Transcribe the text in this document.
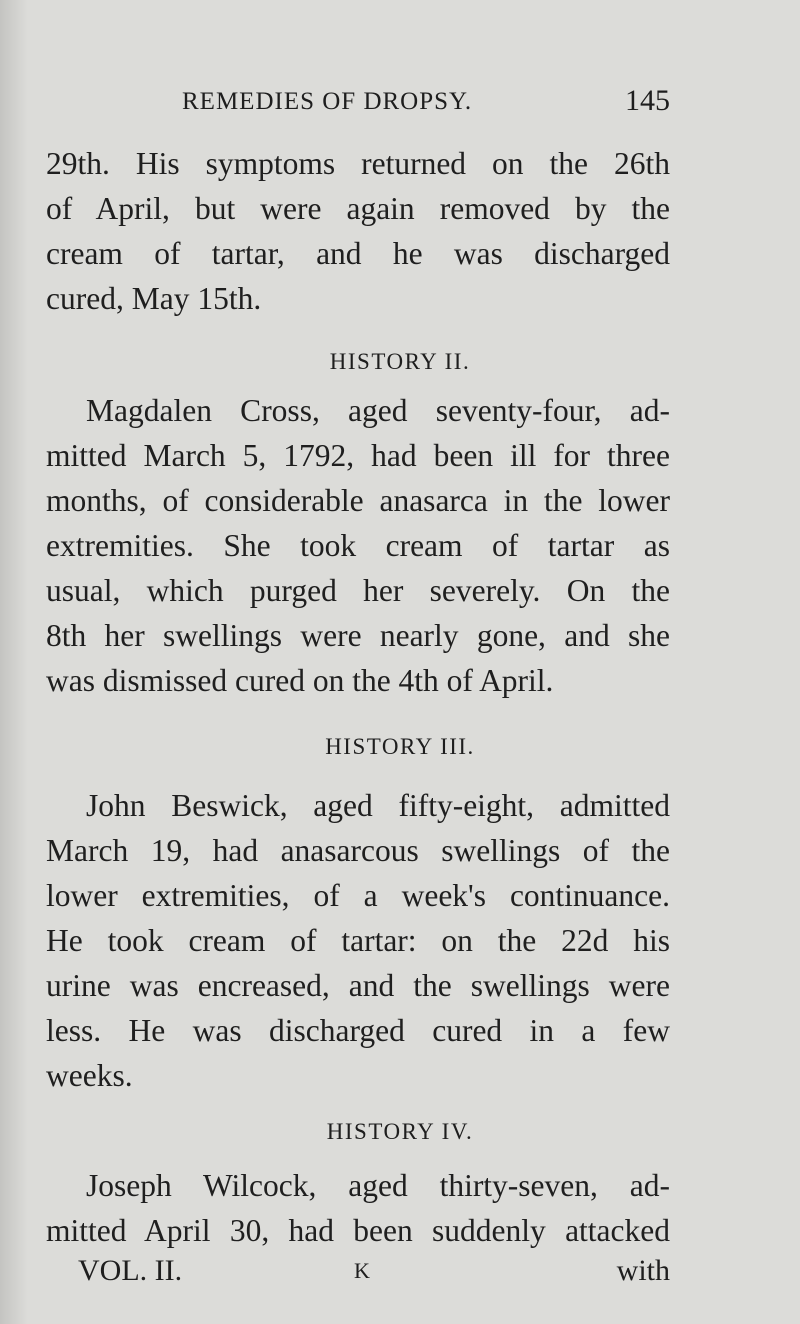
REMEDIES OF DROPSY.	145
29th. His symptoms returned on the 26th
of April, but were again removed by the
cream of tartar, and he was discharged
cured, May 15th.
HISTORY II.
Magdalen Cross, aged seventy-four, ad-
mitted March 5, 1792, had been ill for three
months, of considerable anasarca in the lower
extremities. She took cream of tartar as
usual, which purged her severely. On the
8th her swellings were nearly gone, and she
was dismissed cured on the 4th of April.
HISTORY III.
John Beswick, aged fifty-eight, admitted
March 19, had anasarcous swellings of the
lower extremities, of a week's continuance.
He took cream of tartar: on the 22d his
urine was encreased, and the swellings were
less. He was discharged cured in a few
weeks.
HISTORY IV.
Joseph Wilcock, aged thirty-seven, ad-
mitted April 30, had been suddenly attacked
VOL. II.	K	with
